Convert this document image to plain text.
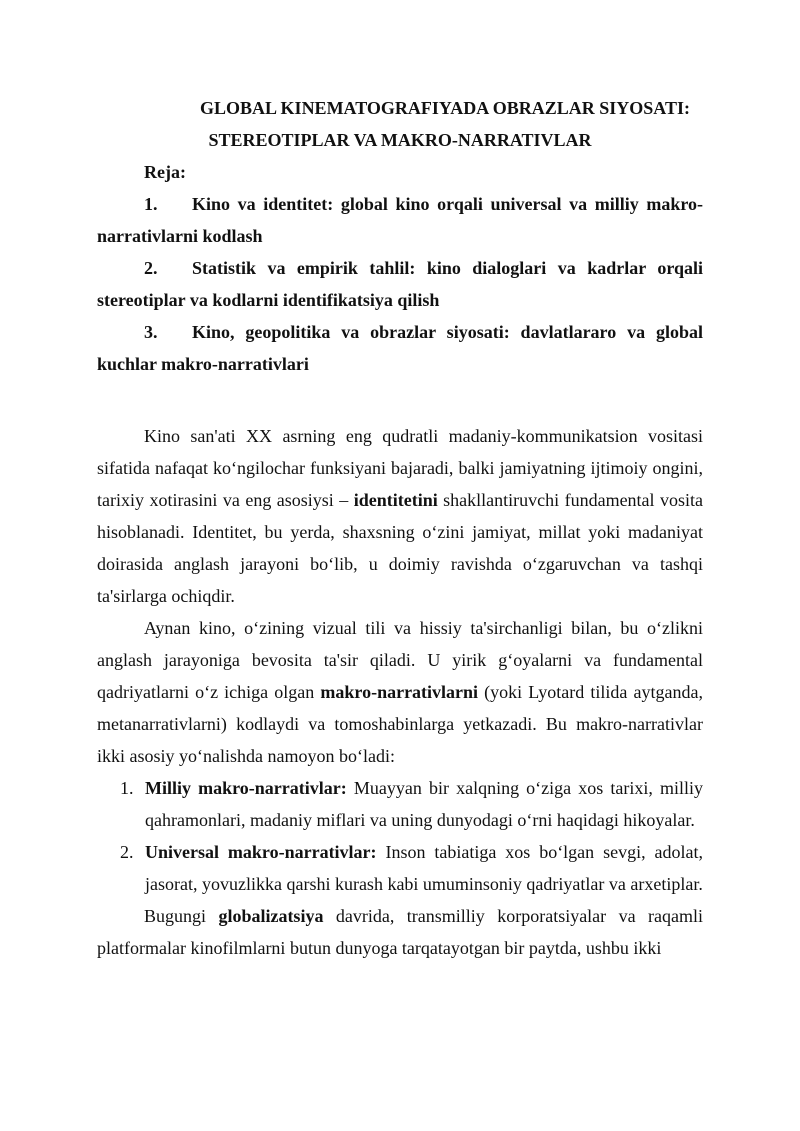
GLOBAL KINEMATOGRAFIYADA OBRAZLAR SIYOSATI:
STEREOTIPLAR VA MAKRO-NARRATIVLAR

Reja:

1. Kino va identitet: global kino orqali universal va milliy makro-narrativlarni kodlash
2. Statistik va empirik tahlil: kino dialoglari va kadrlar orqali stereotiplar va kodlarni identifikatsiya qilish
3. Kino, geopolitika va obrazlar siyosati: davlatlararo va global kuchlar makro-narrativlari

Kino san'ati XX asrning eng qudratli madaniy-kommunikatsion vositasi sifatida nafaqat ko‘ngilochar funksiyani bajaradi, balki jamiyatning ijtimoiy ongini, tarixiy xotirasini va eng asosiysi – identitetini shakllantiruvchi fundamental vosita hisoblanadi. Identitet, bu yerda, shaxsning o‘zini jamiyat, millat yoki madaniyat doirasida anglash jarayoni bo‘lib, u doimiy ravishda o‘zgaruvchan va tashqi ta'sirlarga ochiqdir.

Aynan kino, o‘zining vizual tili va hissiy ta'sirchanligi bilan, bu o‘zlikni anglash jarayoniga bevosita ta'sir qiladi. U yirik g‘oyalarni va fundamental qadriyatlarni o‘z ichiga olgan makro-narrativlarni (yoki Lyotard tilida aytganda, metanarrativlarni) kodlaydi va tomoshabinlarga yetkazadi. Bu makro-narrativlar ikki asosiy yo‘nalishda namoyon bo‘ladi:

1. Milliy makro-narrativlar: Muayyan bir xalqning o‘ziga xos tarixi, milliy qahramonlari, madaniy miflari va uning dunyodagi o‘rni haqidagi hikoyalar.
2. Universal makro-narrativlar: Inson tabiatiga xos bo‘lgan sevgi, adolat, jasorat, yovuzlikka qarshi kurash kabi umuminsoniy qadriyatlar va arxetiplar.

Bugungi globalizatsiya davrida, transmilliy korporatsiyalar va raqamli platformalar kinofilmlarni butun dunyoga tarqatayotgan bir paytda, ushbu ikki
